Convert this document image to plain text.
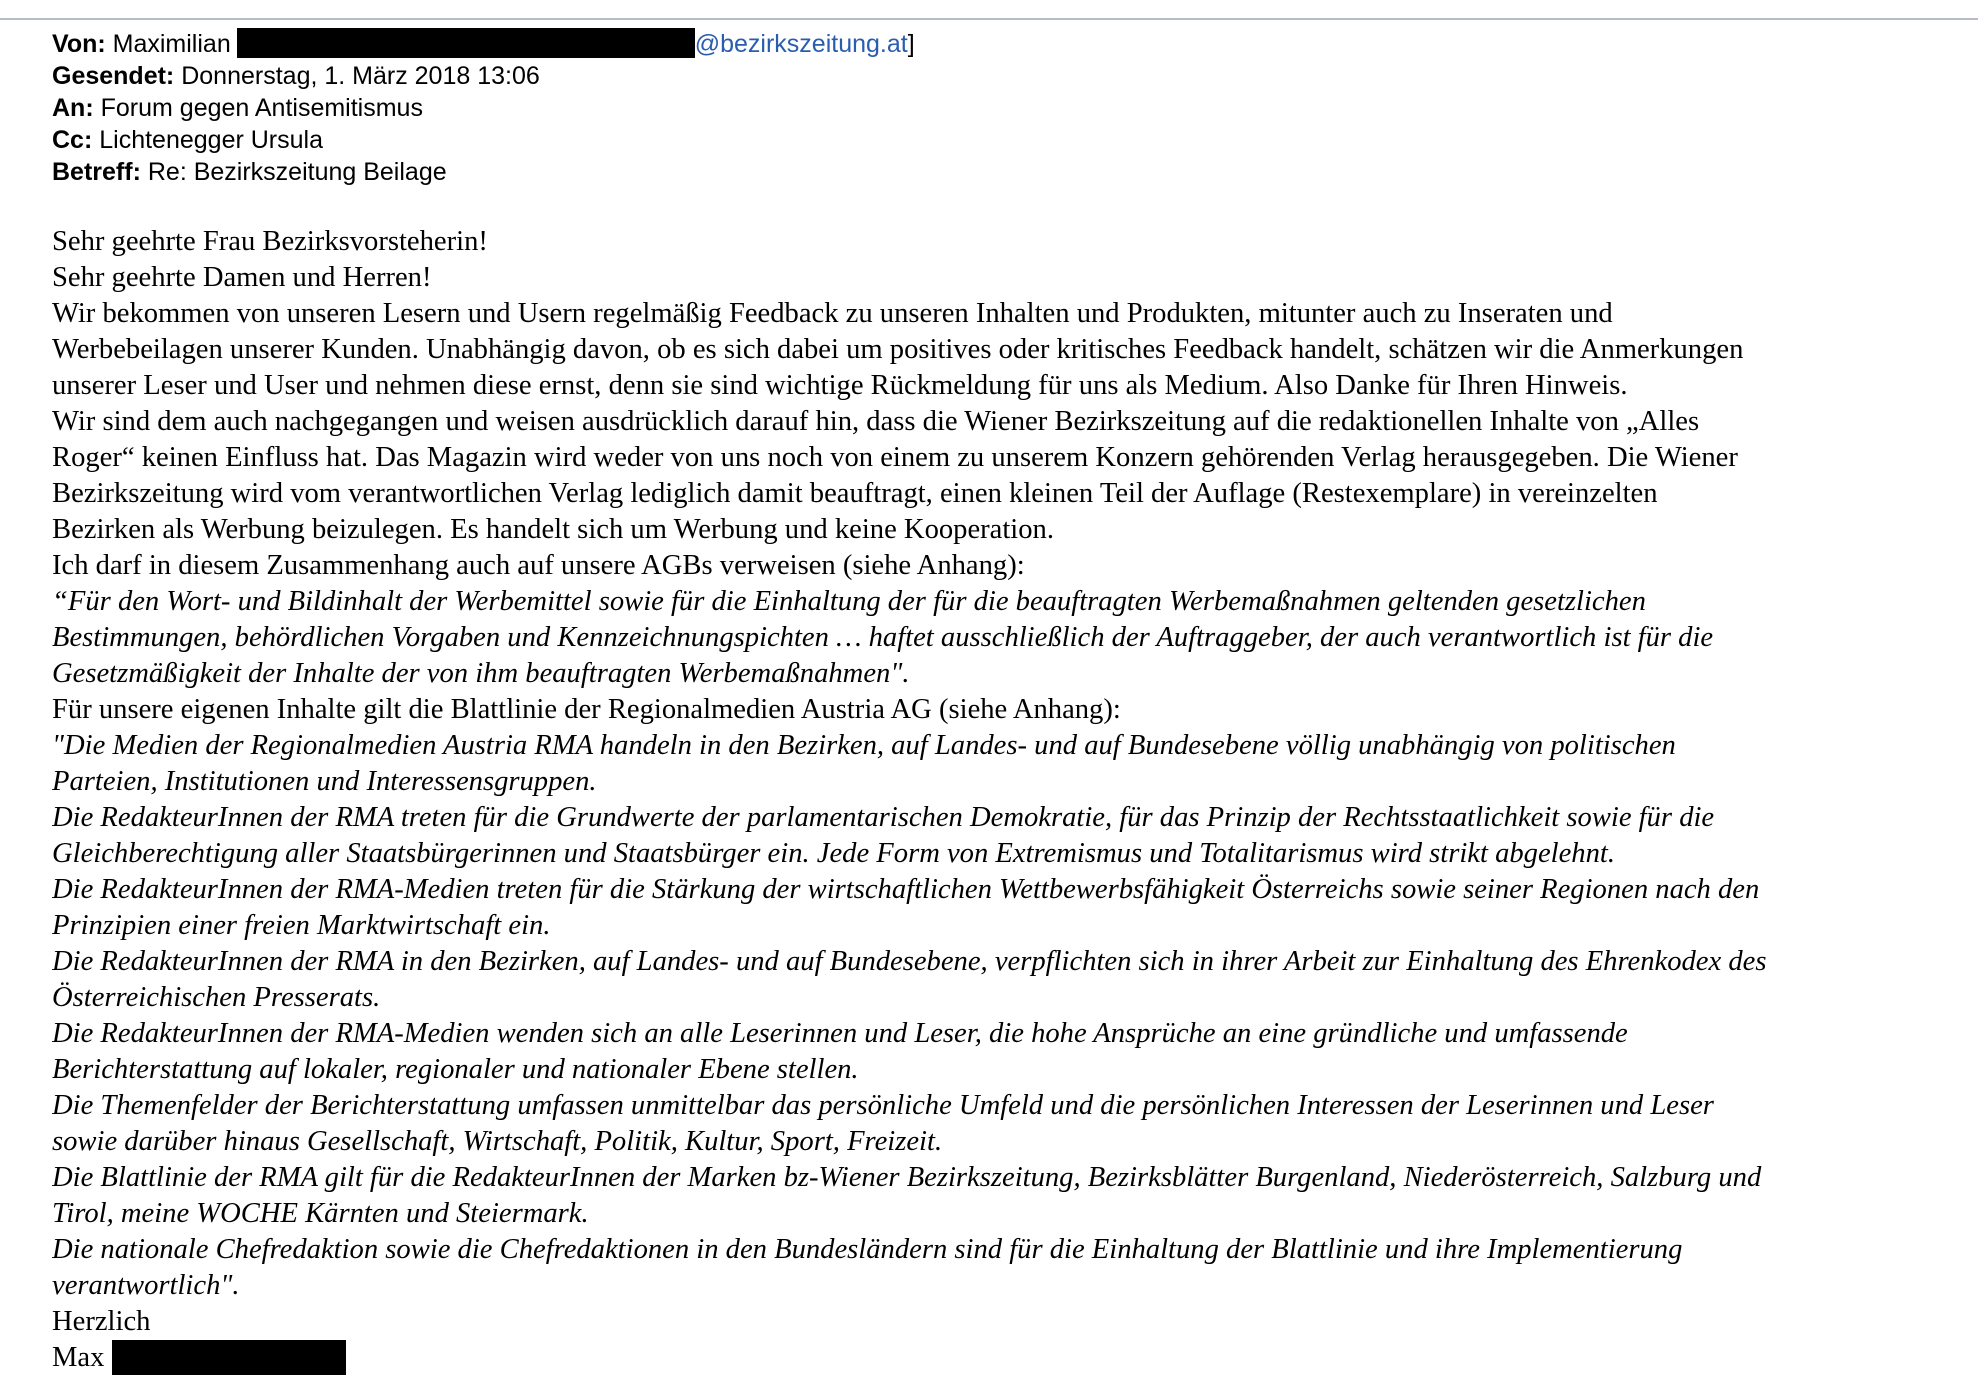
Von: Maximilian	@bezirkszeitung.at]
Gesendet: Donnerstag, 1. März 2018 13:06
An: Forum gegen Antisemitismus
Cc: Lichtenegger Ursula
Betreff: Re: Bezirkszeitung Beilage
Sehr geehrte Frau Bezirksvorsteherin!
Sehr geehrte Damen und Herren!
Wir bekommen von unseren Lesern und Usern regelmäßig Feedback zu unseren Inhalten und Produkten, mitunter auch zu Inseraten und
Werbebeilagen unserer Kunden. Unabhängig davon, ob es sich dabei um positives oder kritisches Feedback handelt, schätzen wir die Anmerkungen
unserer Leser und User und nehmen diese ernst, denn sie sind wichtige Rückmeldung für uns als Medium. Also Danke für Ihren Hinweis.
Wir sind dem auch nachgegangen und weisen ausdrücklich darauf hin, dass die Wiener Bezirkszeitung auf die redaktionellen Inhalte von „Alles
Roger“ keinen Einfluss hat. Das Magazin wird weder von uns noch von einem zu unserem Konzern gehörenden Verlag herausgegeben. Die Wiener
Bezirkszeitung wird vom verantwortlichen Verlag lediglich damit beauftragt, einen kleinen Teil der Auflage (Restexemplare) in vereinzelten
Bezirken als Werbung beizulegen. Es handelt sich um Werbung und keine Kooperation.
Ich darf in diesem Zusammenhang auch auf unsere AGBs verweisen (siehe Anhang):
“Für den Wort- und Bildinhalt der Werbemittel sowie für die Einhaltung der für die beauftragten Werbemaßnahmen geltenden gesetzlichen
Bestimmungen, behördlichen Vorgaben und Kennzeichnungspichten … haftet ausschließlich der Auftraggeber, der auch verantwortlich ist für die
Gesetzmäßigkeit der Inhalte der von ihm beauftragten Werbemaßnahmen".
Für unsere eigenen Inhalte gilt die Blattlinie der Regionalmedien Austria AG (siehe Anhang):
"Die Medien der Regionalmedien Austria RMA handeln in den Bezirken, auf Landes- und auf Bundesebene völlig unabhängig von politischen
Parteien, Institutionen und Interessensgruppen.
Die RedakteurInnen der RMA treten für die Grundwerte der parlamentarischen Demokratie, für das Prinzip der Rechtsstaatlichkeit sowie für die
Gleichberechtigung aller Staatsbürgerinnen und Staatsbürger ein. Jede Form von Extremismus und Totalitarismus wird strikt abgelehnt.
Die RedakteurInnen der RMA-Medien treten für die Stärkung der wirtschaftlichen Wettbewerbsfähigkeit Österreichs sowie seiner Regionen nach den
Prinzipien einer freien Marktwirtschaft ein.
Die RedakteurInnen der RMA in den Bezirken, auf Landes- und auf Bundesebene, verpflichten sich in ihrer Arbeit zur Einhaltung des Ehrenkodex des
Österreichischen Presserats.
Die RedakteurInnen der RMA-Medien wenden sich an alle Leserinnen und Leser, die hohe Ansprüche an eine gründliche und umfassende
Berichterstattung auf lokaler, regionaler und nationaler Ebene stellen.
Die Themenfelder der Berichterstattung umfassen unmittelbar das persönliche Umfeld und die persönlichen Interessen der Leserinnen und Leser
sowie darüber hinaus Gesellschaft, Wirtschaft, Politik, Kultur, Sport, Freizeit.
Die Blattlinie der RMA gilt für die RedakteurInnen der Marken bz-Wiener Bezirkszeitung, Bezirksblätter Burgenland, Niederösterreich, Salzburg und
Tirol, meine WOCHE Kärnten und Steiermark.
Die nationale Chefredaktion sowie die Chefredaktionen in den Bundesländern sind für die Einhaltung der Blattlinie und ihre Implementierung
verantwortlich".
Herzlich
Max
